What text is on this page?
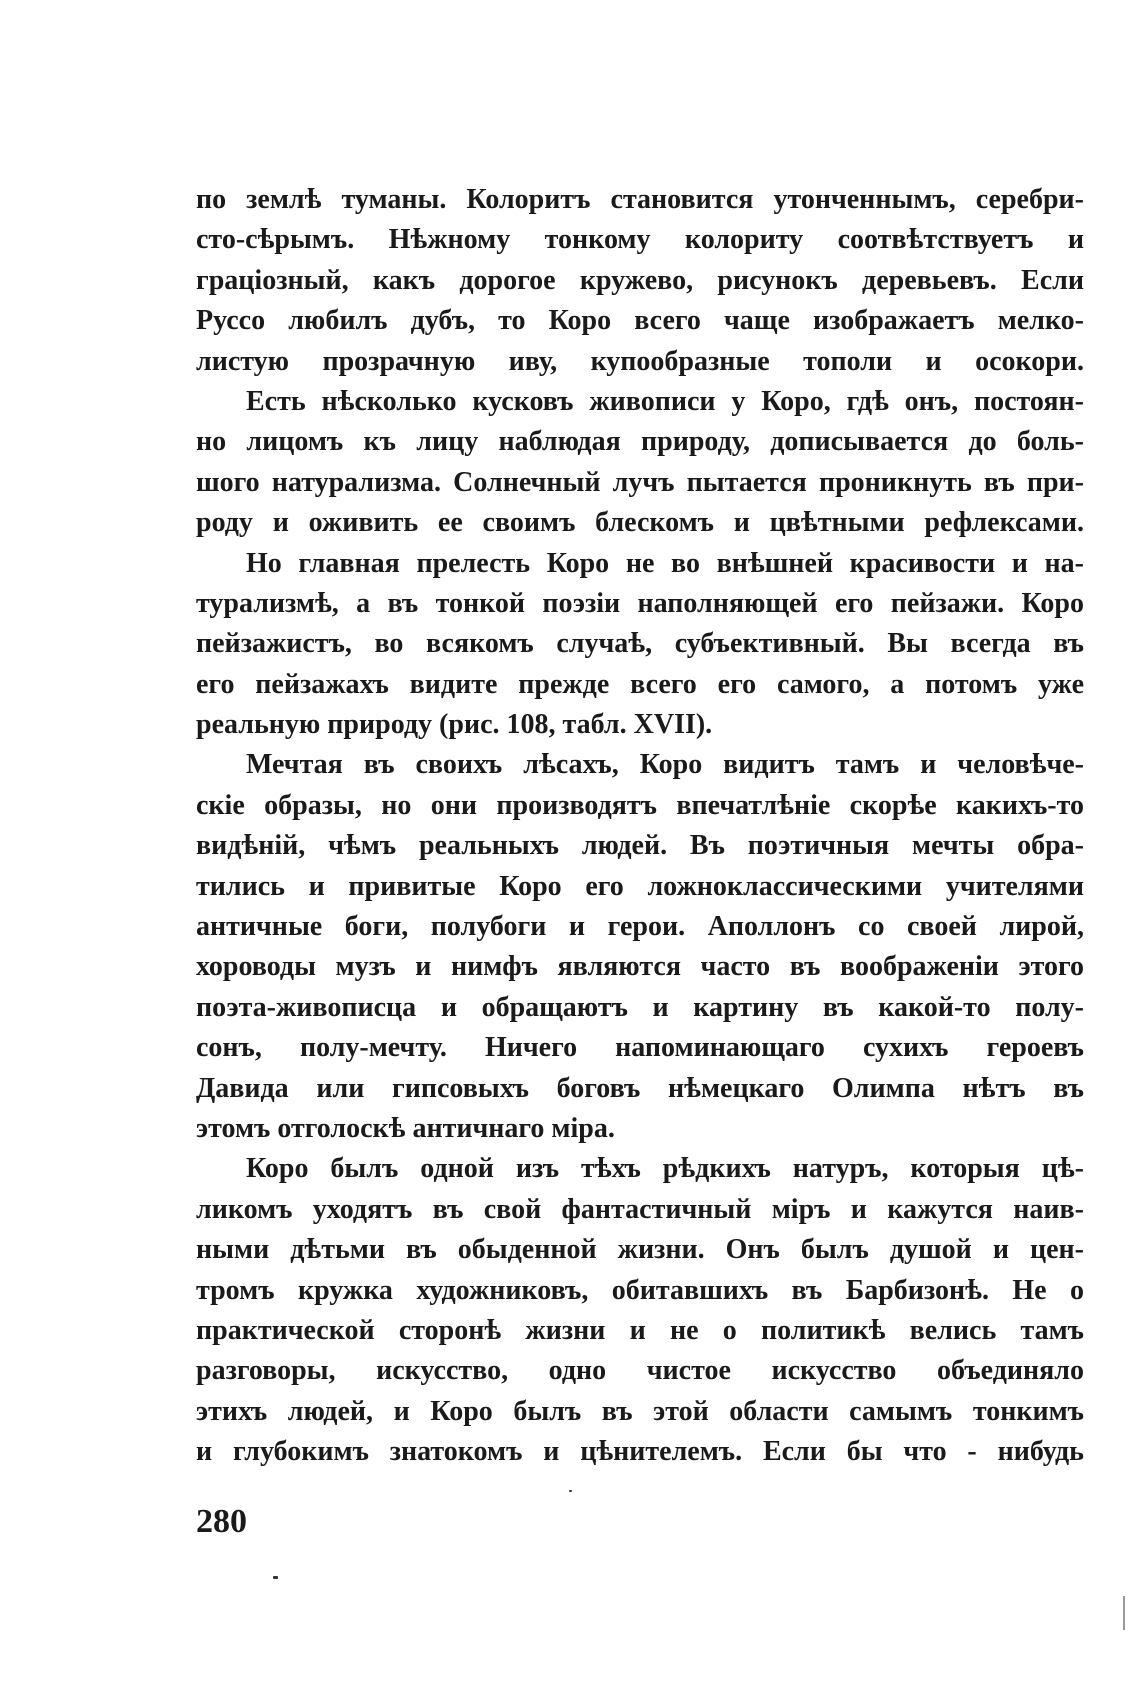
по землѣ туманы. Колоритъ становится утонченнымъ, серебри-
сто-сѣрымъ. Нѣжному тонкому колориту соотвѣтствуетъ и
граціозный, какъ дорогое кружево, рисунокъ деревьевъ. Если
Руссо любилъ дубъ, то Коро всего чаще изображаетъ мелко-
листую прозрачную иву, купообразные тополи и осокори.
Есть нѣсколько кусковъ живописи у Коро, гдѣ онъ, постоян-
но лицомъ къ лицу наблюдая природу, дописывается до боль-
шого натурализма. Солнечный лучъ пытается проникнуть въ при-
роду и оживить ее своимъ блескомъ и цвѣтными рефлексами.
Но главная прелесть Коро не во внѣшней красивости и на-
турализмѣ, а въ тонкой поэзіи наполняющей его пейзажи. Коро
пейзажистъ, во всякомъ случаѣ, субъективный. Вы всегда въ
его пейзажахъ видите прежде всего его самого, а потомъ уже
реальную природу (рис. 108, табл. XVII).
Мечтая въ своихъ лѣсахъ, Коро видитъ тамъ и человѣче-
скіе образы, но они производятъ впечатлѣніе скорѣе какихъ-то
видѣній, чѣмъ реальныхъ людей. Въ поэтичныя мечты обра-
тились и привитые Коро его ложноклассическими учителями
античные боги, полубоги и герои. Аполлонъ со своей лирой,
хороводы музъ и нимфъ являются часто въ воображеніи этого
поэта-живописца и обращаютъ и картину въ какой-то полу-
сонъ, полу-мечту. Ничего напоминающаго сухихъ героевъ
Давида или гипсовыхъ боговъ нѣмецкаго Олимпа нѣтъ въ
этомъ отголоскѣ античнаго міра.
Коро былъ одной изъ тѣхъ рѣдкихъ натуръ, которыя цѣ-
ликомъ уходятъ въ свой фантастичный міръ и кажутся наив-
ными дѣтьми въ обыденной жизни. Онъ былъ душой и цен-
тромъ кружка художниковъ, обитавшихъ въ Барбизонѣ. Не о
практической сторонѣ жизни и не о политикѣ велись тамъ
разговоры, искусство, одно чистое искусство объединяло
этихъ людей, и Коро былъ въ этой области самымъ тонкимъ
и глубокимъ знатокомъ и цѣнителемъ. Если бы что - нибудь
280
